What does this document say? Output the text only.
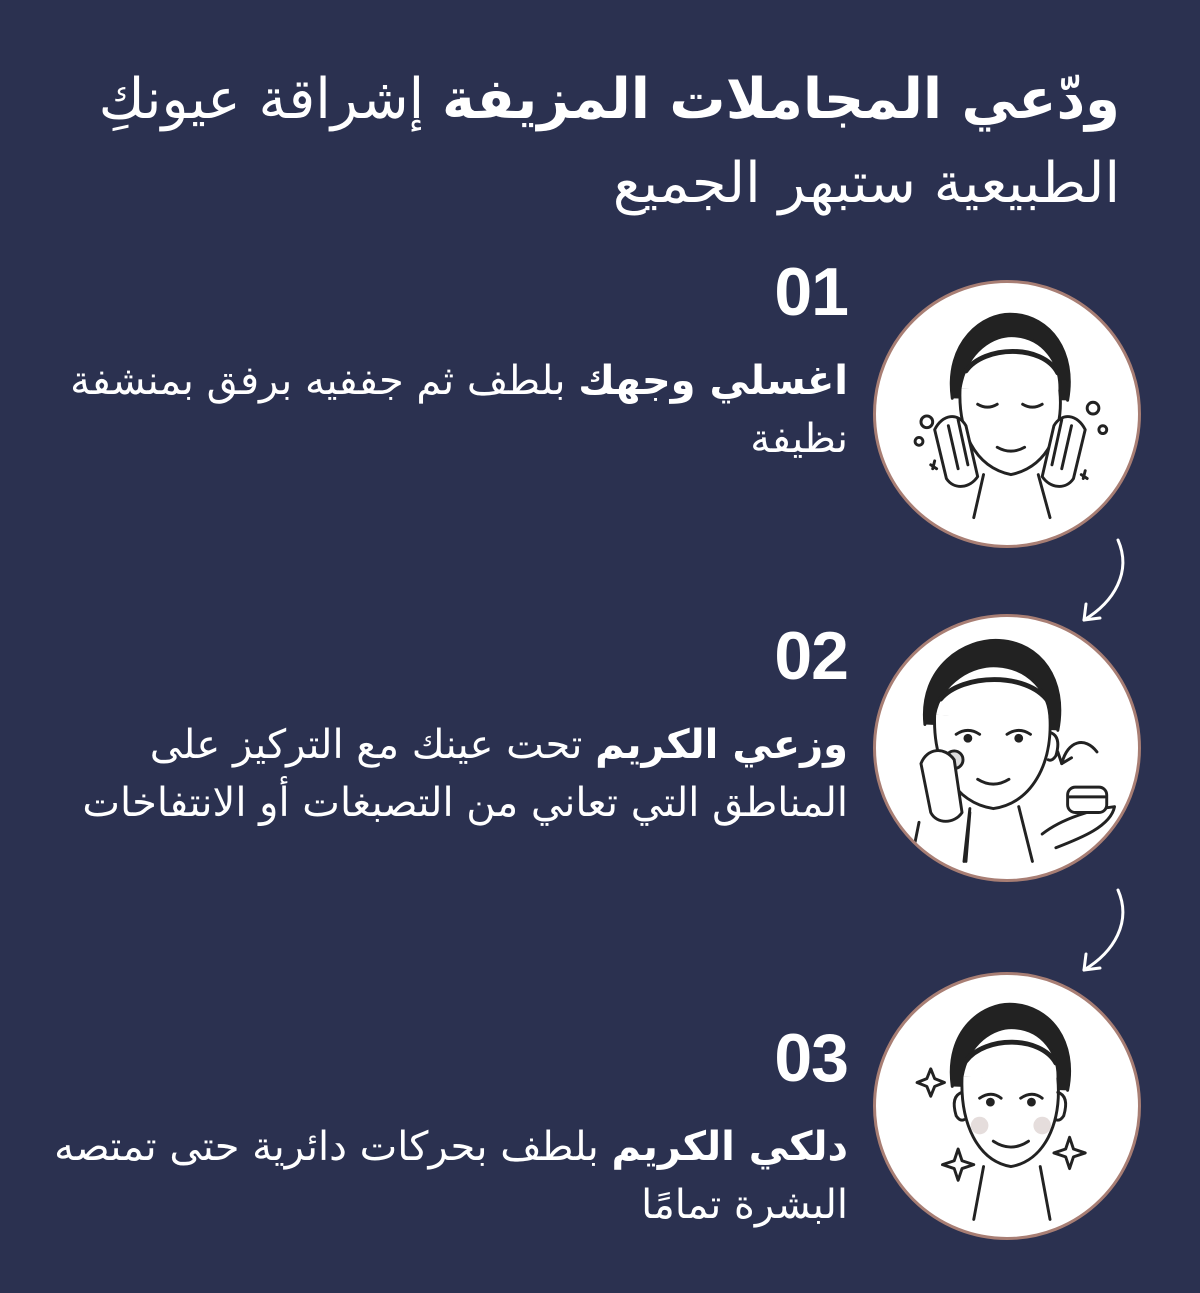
ودّعي المجاملات المزيفة إشراقة عيونكِ الطبيعية ستبهر الجميع
01
اغسلي وجهك بلطف ثم جففيه برفق بمنشفة نظيفة
02
وزعي الكريم تحت عينك مع التركيز على المناطق التي تعاني من التصبغات أو الانتفاخات
03
دلكي الكريم بلطف بحركات دائرية حتى تمتصه البشرة تمامًا
